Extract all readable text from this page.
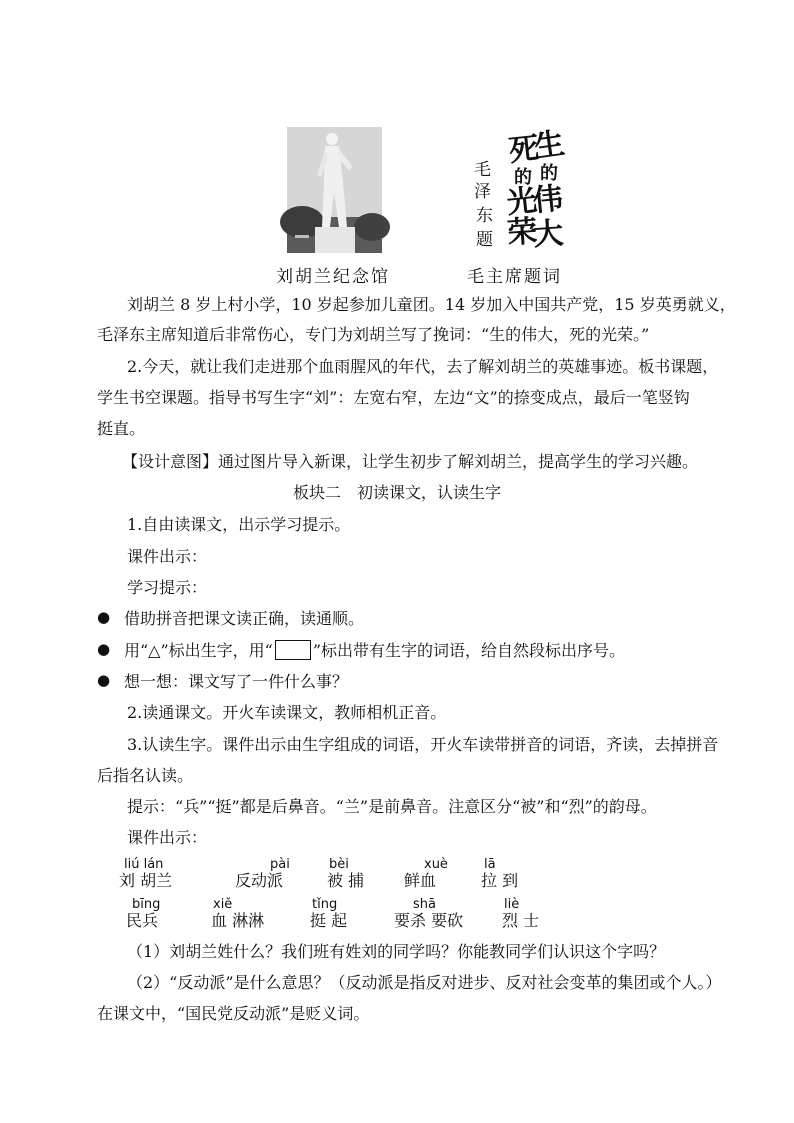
生
死
的
的
伟
光
大
荣
毛
泽
东
题
刘胡兰纪念馆	毛主席题词
刘胡兰 8 岁上村小学，10 岁起参加儿童团。14 岁加入中国共产党，15 岁英勇就义，
毛泽东主席知道后非常伤心，专门为刘胡兰写了挽词：“生的伟大，死的光荣。”
2.今天，就让我们走进那个血雨腥风的年代，去了解刘胡兰的英雄事迹。板书课题，
学生书空课题。指导书写生字“刘”：左宽右窄，左边“文”的捺变成点，最后一笔竖钩
挺直。
【设计意图】通过图片导入新课，让学生初步了解刘胡兰，提高学生的学习兴趣。
板块二　初读课文，认读生字
1.自由读课文，出示学习提示。
课件出示：
学习提示：
● 借助拼音把课文读正确，读通顺。
● 用“△”标出生字，用“	”标出带有生字的词语，给自然段标出序号。
● 想一想：课文写了一件什么事？
2.读通课文。开火车读课文，教师相机正音。
3.认读生字。课件出示由生字组成的词语，开火车读带拼音的词语，齐读，去掉拼音
后指名认读。
提示：“兵”“挺”都是后鼻音。“兰”是前鼻音。注意区分“被”和“烈”的韵母。
课件出示：
liú lán
刘 胡兰
pài
反动派
bèi
被 捕
xuè
鲜血
lā
拉 到
bīng
民兵
xiě
血 淋淋
tǐng
挺 起
shā
要杀 要砍
liè
烈 士
（1）刘胡兰姓什么？我们班有姓刘的同学吗？你能教同学们认识这个字吗？
（2）“反动派”是什么意思？（反动派是指反对进步、反对社会变革的集团或个人。）
在课文中，“国民党反动派”是贬义词。
